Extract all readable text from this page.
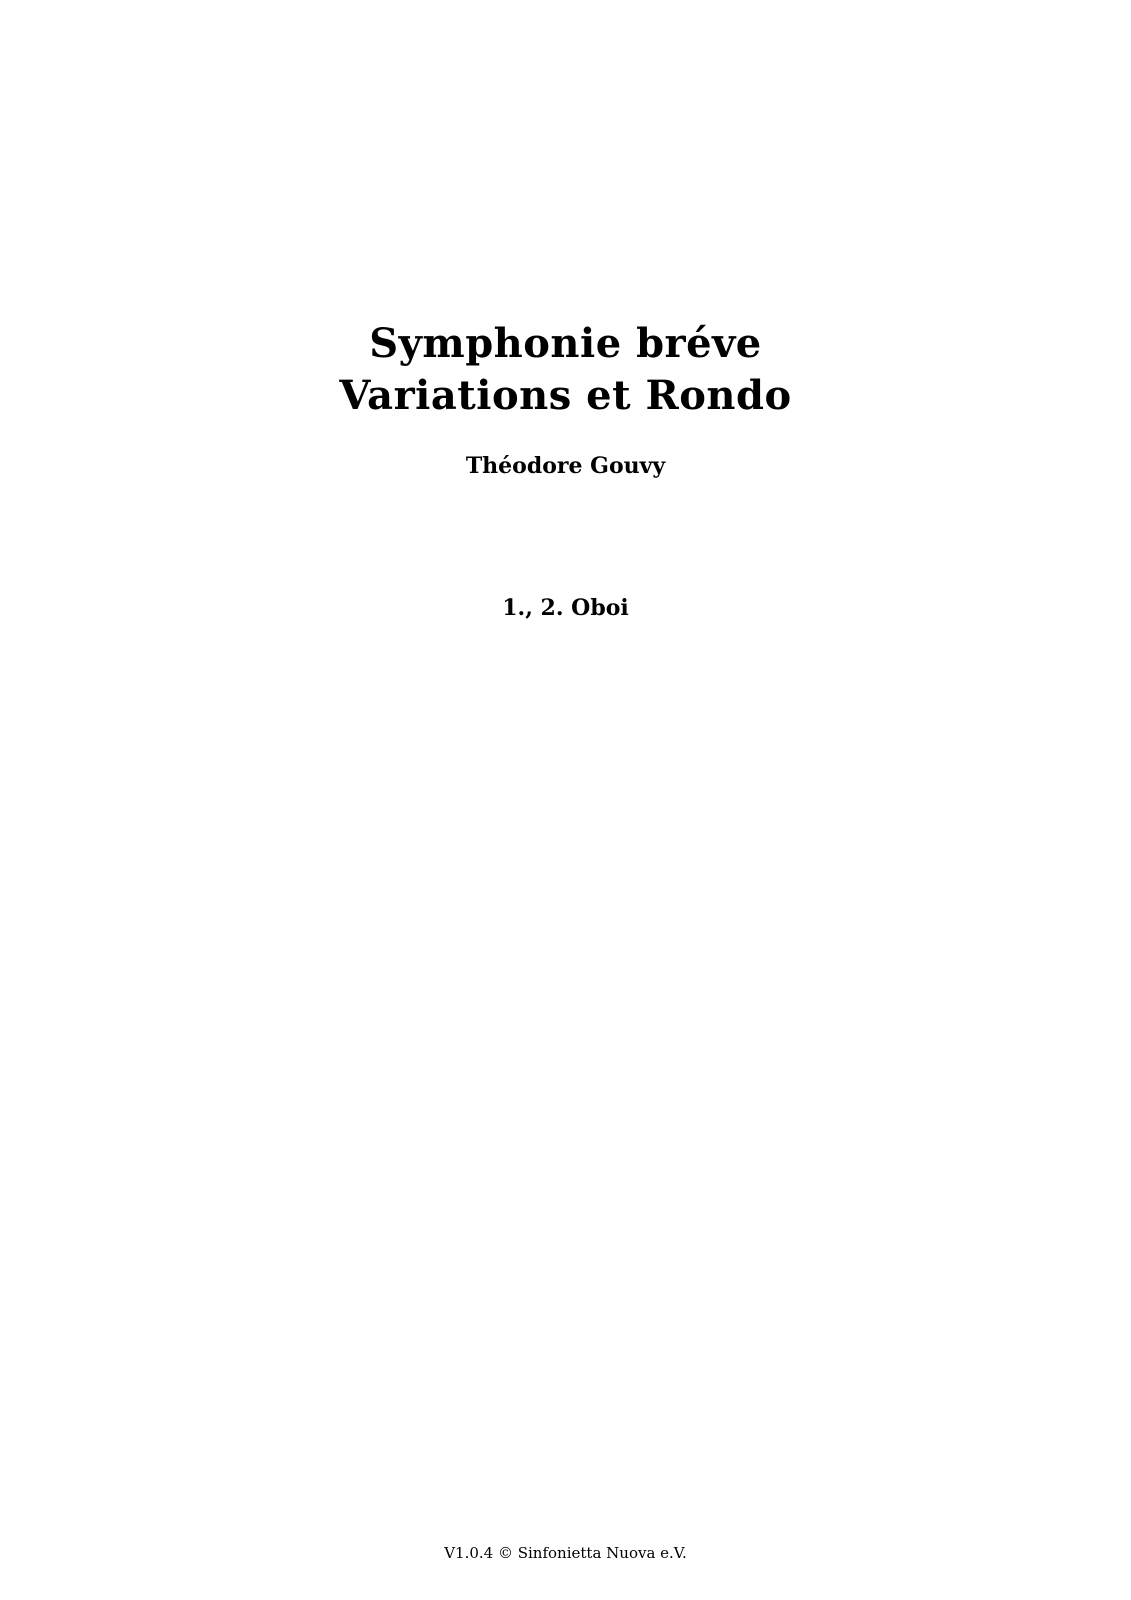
Symphonie bréve
Variations et Rondo
Théodore Gouvy
1., 2. Oboi
V1.0.4 © Sinfonietta Nuova e.V.
